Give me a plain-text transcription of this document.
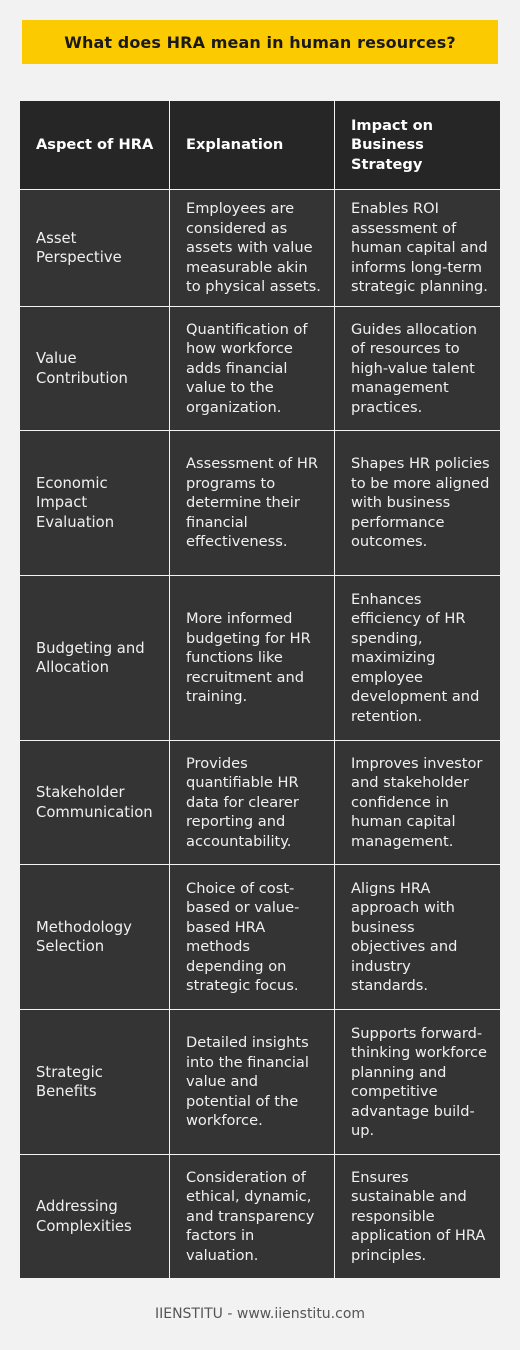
What does HRA mean in human resources?
Aspect of HRA	Explanation	Impact on Business Strategy
Asset Perspective	Employees are considered as assets with value measurable akin to physical assets.	Enables ROI assessment of human capital and informs long-term strategic planning.
Value Contribution	Quantification of how workforce adds financial value to the organization.	Guides allocation of resources to high-value talent management practices.
Economic Impact Evaluation	Assessment of HR programs to determine their financial effectiveness.	Shapes HR policies to be more aligned with business performance outcomes.
Budgeting and Allocation	More informed budgeting for HR functions like recruitment and training.	Enhances efficiency of HR spending, maximizing employee development and retention.
Stakeholder Communication	Provides quantifiable HR data for clearer reporting and accountability.	Improves investor and stakeholder confidence in human capital management.
Methodology Selection	Choice of cost-based or value-based HRA methods depending on strategic focus.	Aligns HRA approach with business objectives and industry standards.
Strategic Benefits	Detailed insights into the financial value and potential of the workforce.	Supports forward-thinking workforce planning and competitive advantage build-up.
Addressing Complexities	Consideration of ethical, dynamic, and transparency factors in valuation.	Ensures sustainable and responsible application of HRA principles.
IIENSTITU - www.iienstitu.com
